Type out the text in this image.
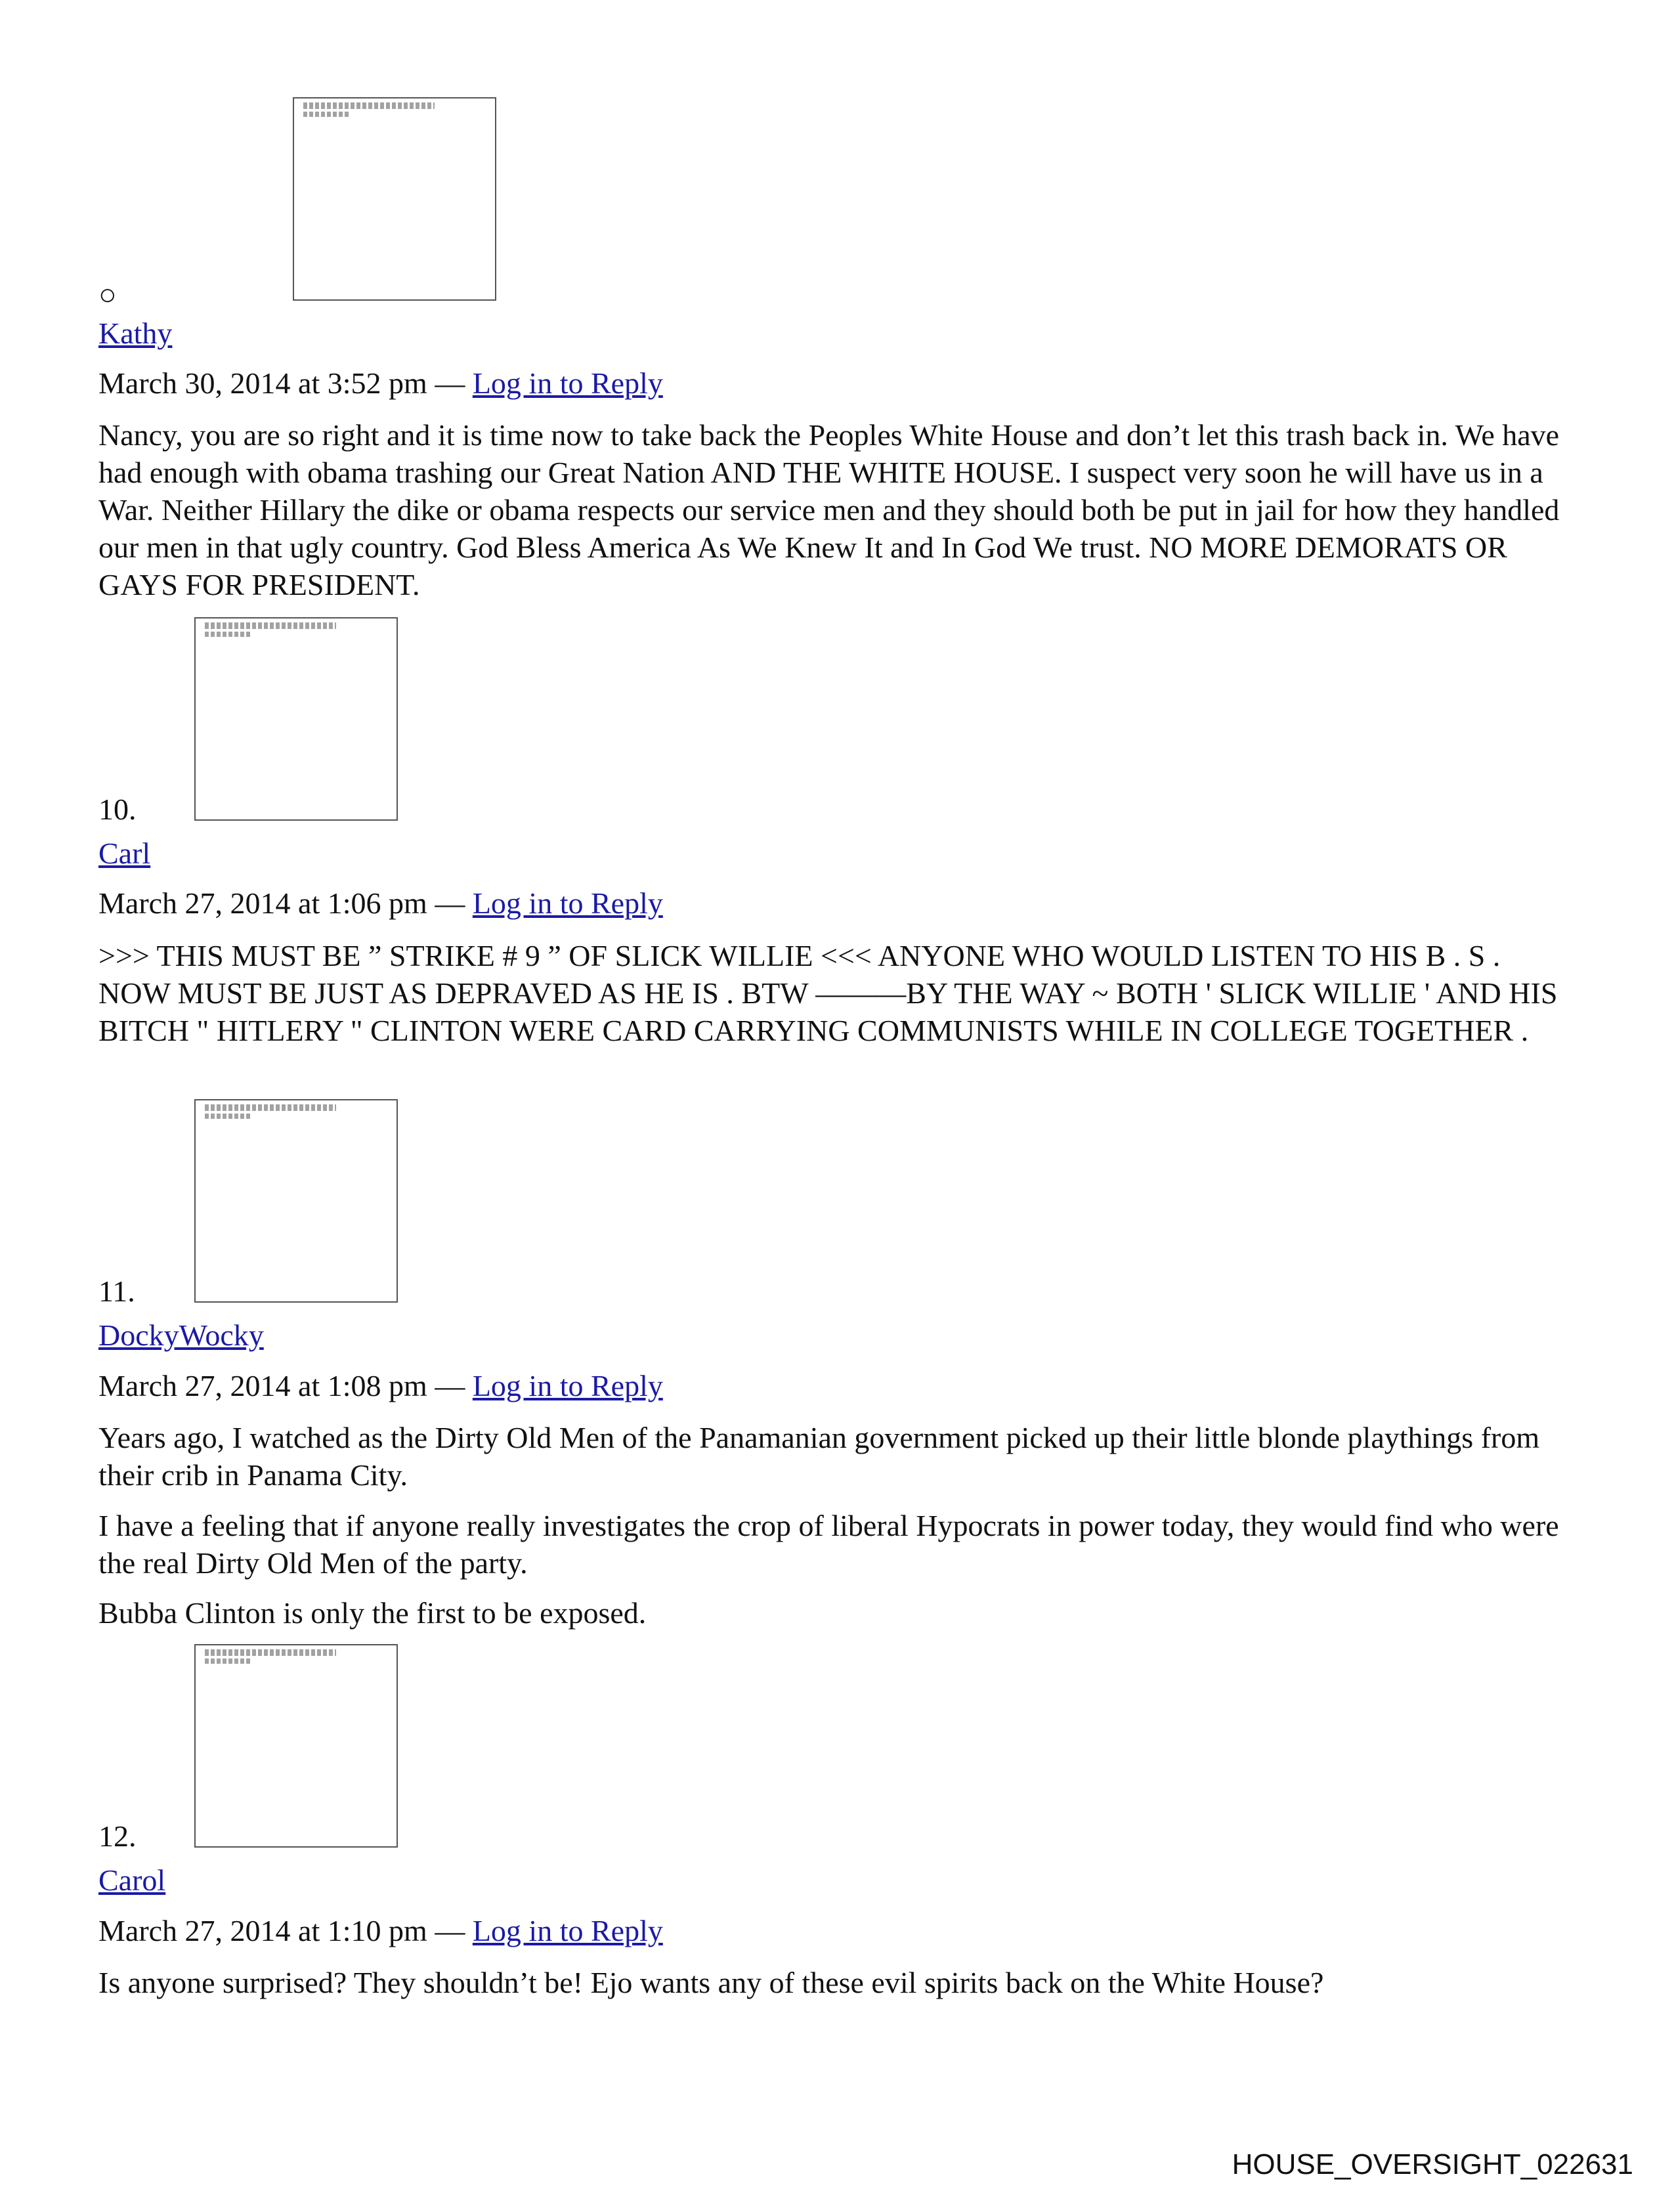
○
Kathy
March 30, 2014 at 3:52 pm — Log in to Reply
Nancy, you are so right and it is time now to take back the Peoples White House and don’t let this trash back in. We have had enough with obama trashing our Great Nation AND THE WHITE HOUSE. I suspect very soon he will have us in a War. Neither Hillary the dike or obama respects our service men and they should both be put in jail for how they handled our men in that ugly country. God Bless America As We Knew It and In God We trust. NO MORE DEMORATS OR GAYS FOR PRESIDENT.
10.
Carl
March 27, 2014 at 1:06 pm — Log in to Reply
>>> THIS MUST BE ” STRIKE # 9 ” OF SLICK WILLIE <<< ANYONE WHO WOULD LISTEN TO HIS B . S . NOW MUST BE JUST AS DEPRAVED AS HE IS . BTW ———BY THE WAY ~ BOTH ' SLICK WILLIE ' AND HIS BITCH " HITLERY " CLINTON WERE CARD CARRYING COMMUNISTS WHILE IN COLLEGE TOGETHER .
11.
DockyWocky
March 27, 2014 at 1:08 pm — Log in to Reply
Years ago, I watched as the Dirty Old Men of the Panamanian government picked up their little blonde playthings from their crib in Panama City.
I have a feeling that if anyone really investigates the crop of liberal Hypocrats in power today, they would find who were the real Dirty Old Men of the party.
Bubba Clinton is only the first to be exposed.
12.
Carol
March 27, 2014 at 1:10 pm — Log in to Reply
Is anyone surprised? They shouldn’t be! Ejo wants any of these evil spirits back on the White House?
HOUSE_OVERSIGHT_022631
